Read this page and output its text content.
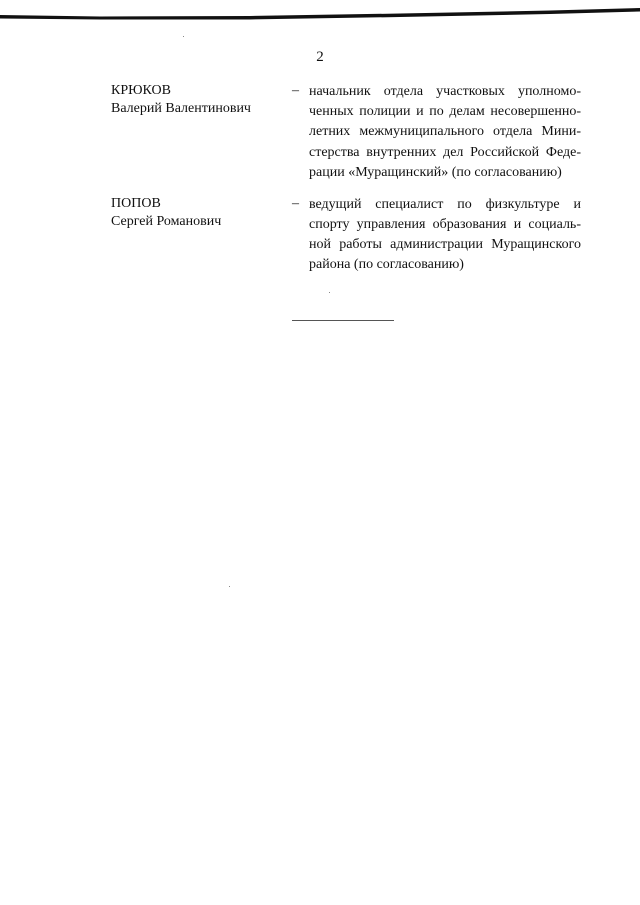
2
КРЮКОВ
Валерий Валентинович
– начальник отдела участковых уполномоченных полиции и по делам несовершеннолетних межмуниципального отдела Министерства внутренних дел Российской Федерации «Муращинский» (по согласованию)
ПОПОВ
Сергей Романович
– ведущий специалист по физкультуре и спорту управления образования и социальной работы администрации Муращинского района (по согласованию)
